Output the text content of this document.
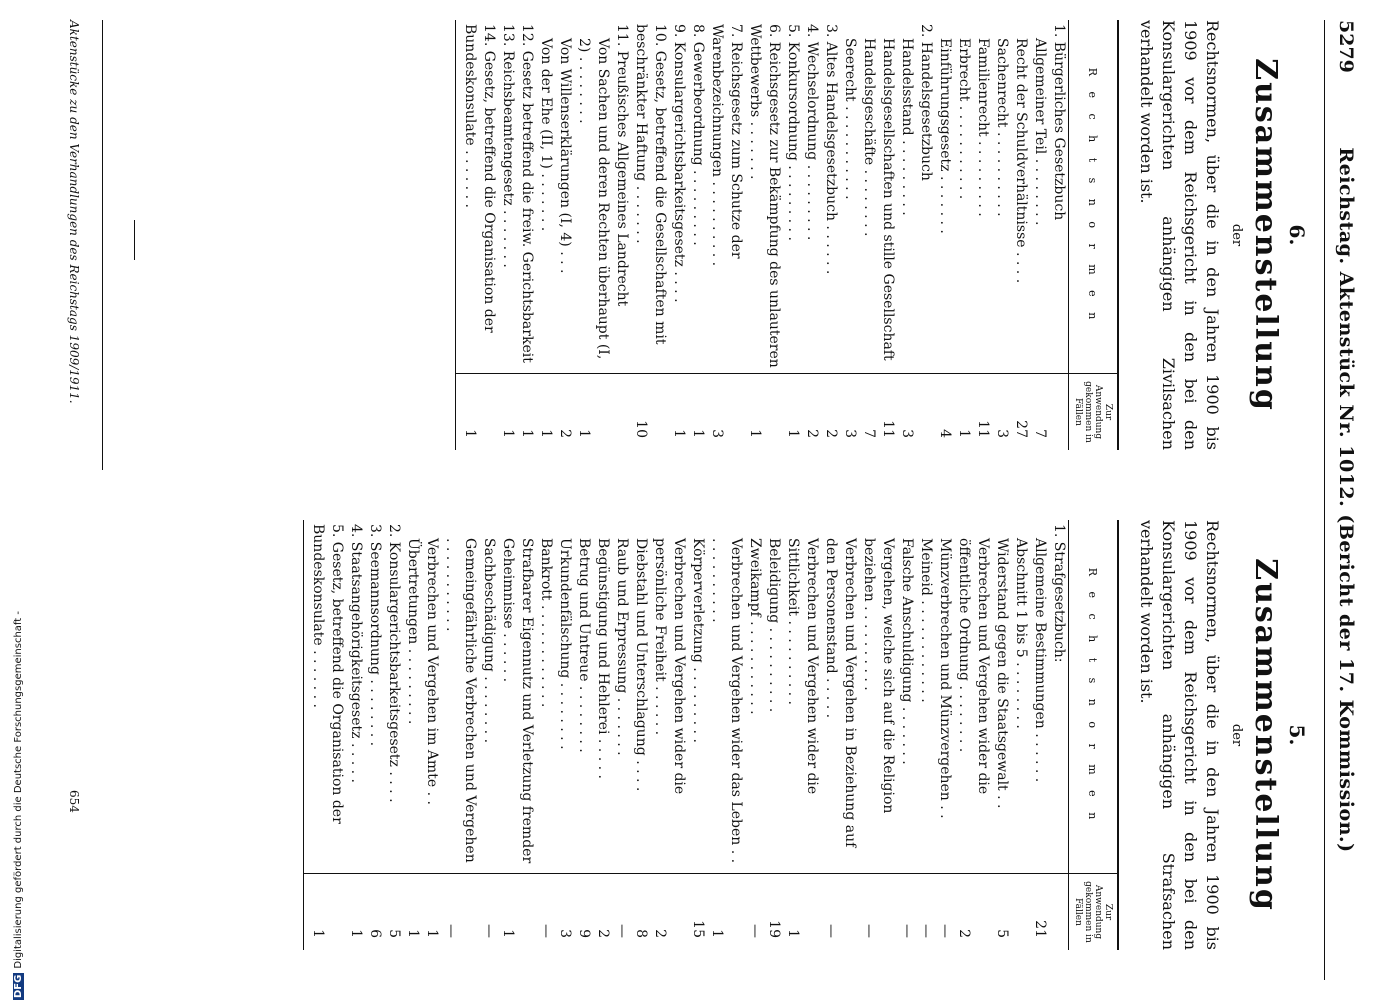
5279
Reichstag. Aktenstück Nr. 1012. (Bericht der 17. Kommission.)
6.
Zusammenstellung
der
Rechtsnormen, über die in den Jahren 1900 bis 1909 vor dem Reichsgericht in den bei den Konsulargerichten anhängigen Zivilsachen verhandelt worden ist.
R e c h t s n o r m e n	Zur Anwendung gekommen in Fällen
1. Bürgerliches Gesetzbuch	
Allgemeiner Teil . . . . . . . .	7
Recht der Schuldverhältnisse . . . .	27
Sachenrecht . . . . . . . . . .	3
Familienrecht . . . . . . . . .	11
Erbrecht . . . . . . . . . . .	1
Einführungsgesetz . . . . . . .	4
2. Handelsgesetzbuch	
Handelsstand . . . . . . . . .	3
Handelsgesellschaften und stille Gesellschaft	11
Handelsgeschäfte . . . . . . . .	7
Seerecht . . . . . . . . . . .	3
3. Altes Handelsgesetzbuch . . . . . .	2
4. Wechselordnung . . . . . . . . .	2
5. Konkursordnung . . . . . . . . .	1
6. Reichsgesetz zur Bekämpfung des unlauteren Wettbewerbs . . . . . . .	1
7. Reichsgesetz zum Schutze der Warenbezeichnungen . . . . . . . . . .	3
8. Gewerbeordnung . . . . . . . . .	1
9. Konsulargerichtsbarkeitsgesetz . . . .	1
10. Gesetz, betreffend die Gesellschaften mit beschränkter Haftung . . . . . . .	10
11. Preußisches Allgemeines Landrecht	
Von Sachen und deren Rechten überhaupt (I, 2) . . . . . . . .	1
Von Willenserklärungen (I, 4) . . .	2
Von der Ehe (II, 1) . . . . . . .	1
12. Gesetz betreffend die freiw. Gerichtsbarkeit	1
13. Reichsbeamtengesetz . . . . . . .	1
14. Gesetz, betreffend die Organisation der Bundeskonsulate . . . . . . .	1
5.
Zusammenstellung
der
Rechtsnormen, über die in den Jahren 1900 bis 1909 vor dem Reichsgericht in den bei den Konsulargerichten anhängigen Strafsachen verhandelt worden ist.
R e c h t s n o r m e n	Zur Anwendung gekommen in Fällen
1. Strafgesetzbuch:	
Allgemeine Bestimmungen . . . . . .	21
Abschnitt 1 bis 5 . . . . . . . .	
Widerstand gegen die Staatsgewalt . .	5
Verbrechen und Vergehen wider die öffentliche Ordnung . . . . . . . .	2
Münzverbrechen und Münzvergehen . .	—
Meineid . . . . . . . . . . . .	—
Falsche Anschuldigung . . . . . . .	—
Vergehen, welche sich auf die Religion beziehen . . . . . . . . . .	—
Verbrechen und Vergehen in Beziehung auf den Personenstand . . . . .	—
Verbrechen und Vergehen wider die Sittlichkeit . . . . . . . . . .	1
Beleidigung . . . . . . . . . .	19
Zweikampf . . . . . . . . . . .	—
Verbrechen und Vergehen wider das Leben . . . . . . . . . . . .	1
Körperverletzung . . . . . . . . .	15
Verbrechen und Vergehen wider die persönliche Freiheit . . . . . .	2
Diebstahl und Unterschlagung . . . .	8
Raub und Erpressung . . . . . . .	—
Begünstigung und Hehlerei . . . . .	2
Betrug und Untreue . . . . . . . .	9
Urkundenfälschung . . . . . . . .	3
Bankrott . . . . . . . . . . . .	—
Strafbarer Eigennutz und Verletzung fremder Geheimnisse . . . . . .	1
Sachbeschädigung . . . . . . . .	—
Gemeingefährliche Verbrechen und Vergehen . . . . . . . . . . .	—
Verbrechen und Vergehen im Amte . .	1
Übertretungen . . . . . . . . .	1
2. Konsulargerichtsbarkeitsgesetz . . . .	5
3. Seemannsordnung . . . . . . . .	6
4. Staatsangehörigkeitsgesetz . . . . .	1
5. Gesetz, betreffend die Organisation der Bundeskonsulate . . . . . . .	1
Aktenstücke zu den Verhandlungen des Reichstags 1909/1911.
654
DFGDigitalisierung gefördert durch die Deutsche Forschungsgemeinschaft -
